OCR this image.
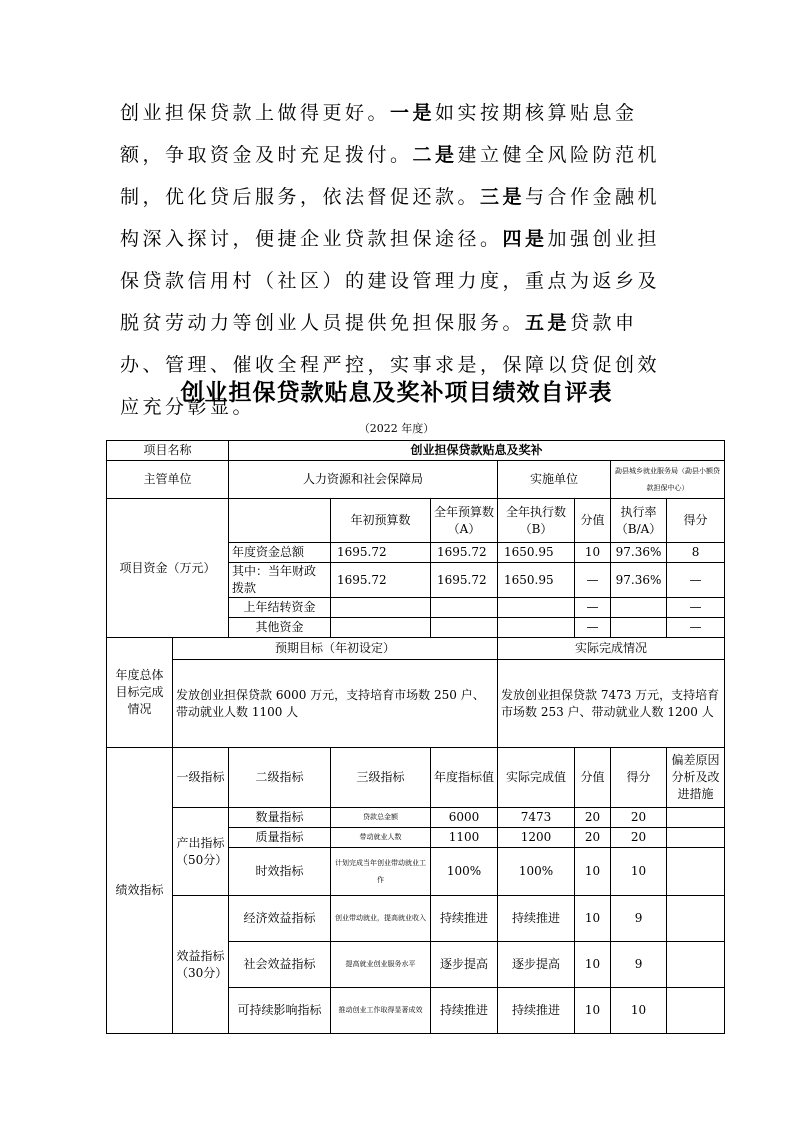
创业担保贷款上做得更好。一是如实按期核算贴息金额，争取资金及时充足拨付。二是建立健全风险防范机制，优化贷后服务，依法督促还款。三是与合作金融机构深入探讨，便捷企业贷款担保途径。四是加强创业担保贷款信用村（社区）的建设管理力度，重点为返乡及脱贫劳动力等创业人员提供免担保服务。五是贷款申办、管理、催收全程严控，实事求是，保障以贷促创效应充分彰显。

创业担保贷款贴息及奖补项目绩效自评表
（2022 年度）
项目名称		创业担保贷款贴息及奖补						
主管单位		人力资源和社会保障局			实施单位		勐县城乡就业服务局（勐县小额贷款担保中心）	
项目资金（万元）			年初预算数	全年预算数（A）	全年执行数（B）	分值	执行率（B/A）	得分
		年度资金总额	1695.72	1695.72	1650.95	10	97.36%	8
		其中：当年财政拨款	1695.72	1695.72	1650.95	—	97.36%	—
		上年结转资金				—		—
		其他资金				—		—
年度总体目标完成情况	预期目标（年初设定）				实际完成情况			
	发放创业担保贷款 6000 万元，支持培育市场数 250 户、带动就业人数 1100 人				发放创业担保贷款 7473 万元，支持培育市场数 253 户、带动就业人数 1200 人			
绩效指标	一级指标	二级指标	三级指标	年度指标值	实际完成值	分值	得分	偏差原因分析及改进措施
	产出指标（50分）	数量指标	贷款总金额	6000	7473	20	20	
		质量指标	带动就业人数	1100	1200	20	20	
		时效指标	计划完成当年创业带动就业工作	100%	100%	10	10	
	效益指标（30分）	经济效益指标	创业带动就业，提高就业收入	持续推进	持续推进	10	9	
		社会效益指标	提高就业创业服务水平	逐步提高	逐步提高	10	9	
		可持续影响指标	推动创业工作取得显著成效	持续推进	持续推进	10	10	
